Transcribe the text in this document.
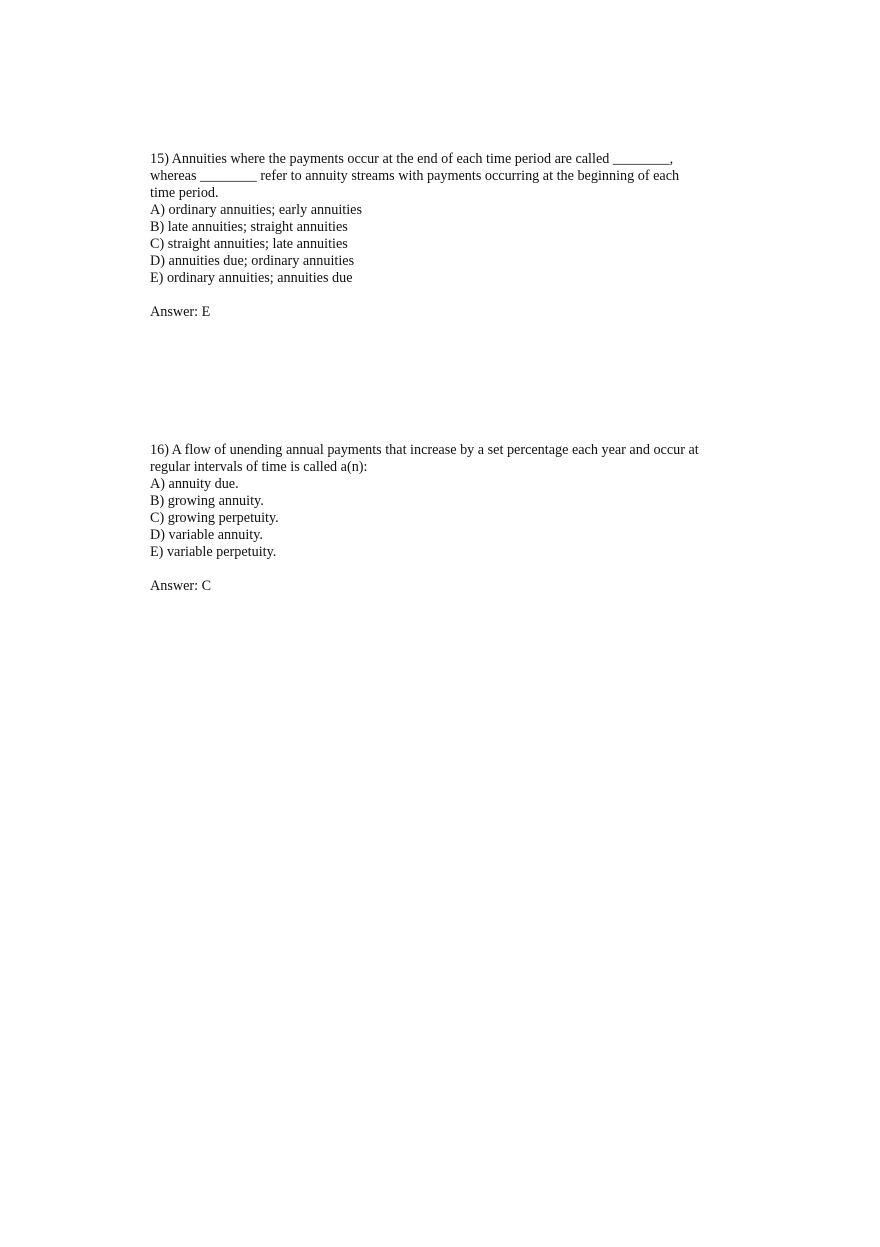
15) Annuities where the payments occur at the end of each time period are called ________,
whereas ________ refer to annuity streams with payments occurring at the beginning of each
time period.
A) ordinary annuities; early annuities
B) late annuities; straight annuities
C) straight annuities; late annuities
D) annuities due; ordinary annuities
E) ordinary annuities; annuities due
Answer: E
16) A flow of unending annual payments that increase by a set percentage each year and occur at
regular intervals of time is called a(n):
A) annuity due.
B) growing annuity.
C) growing perpetuity.
D) variable annuity.
E) variable perpetuity.
Answer: C
